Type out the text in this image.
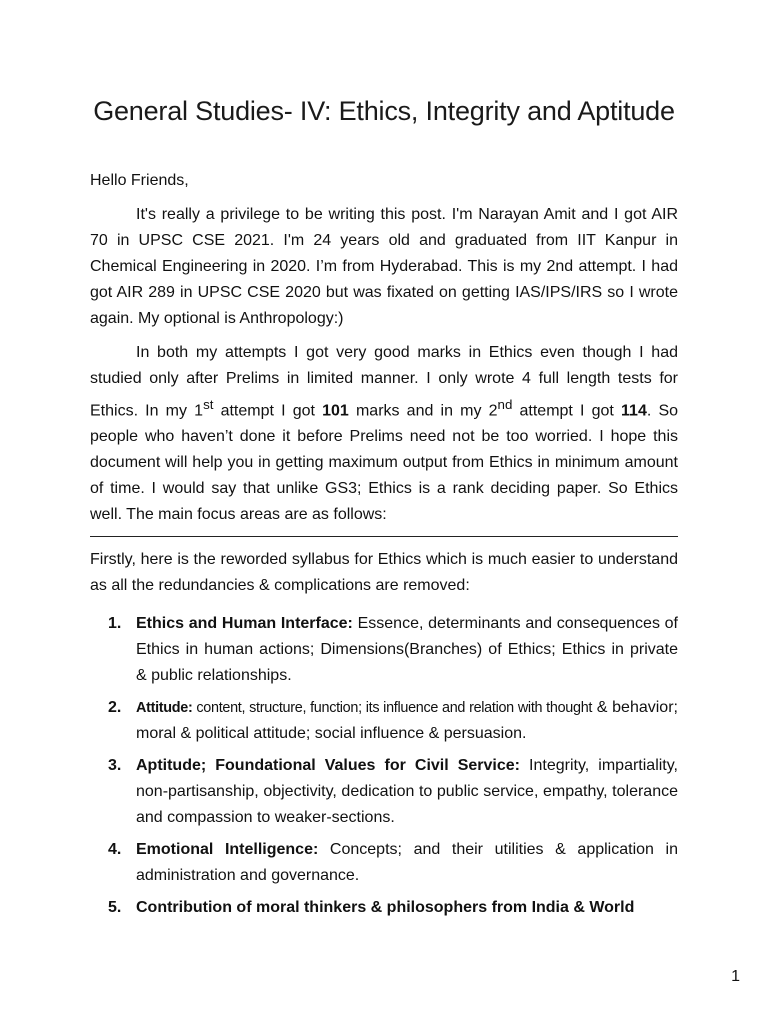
General Studies- IV: Ethics, Integrity and Aptitude

Hello Friends,

It's really a privilege to be writing this post. I'm Narayan Amit and I got AIR 70 in UPSC CSE 2021. I'm 24 years old and graduated from IIT Kanpur in Chemical Engineering in 2020. I’m from Hyderabad. This is my 2nd attempt. I had got AIR 289 in UPSC CSE 2020 but was fixated on getting IAS/IPS/IRS so I wrote again. My optional is Anthropology:)

In both my attempts I got very good marks in Ethics even though I had studied only after Prelims in limited manner. I only wrote 4 full length tests for Ethics. In my 1st attempt I got 101 marks and in my 2nd attempt I got 114. So people who haven’t done it before Prelims need not be too worried. I hope this document will help you in getting maximum output from Ethics in minimum amount of time. I would say that unlike GS3; Ethics is a rank deciding paper. So Ethics well. The main focus areas are as follows:

Firstly, here is the reworded syllabus for Ethics which is much easier to understand as all the redundancies & complications are removed:

1. Ethics and Human Interface: Essence, determinants and consequences of Ethics in human actions; Dimensions(Branches) of Ethics; Ethics in private & public relationships.
2. Attitude: content, structure, function; its influence and relation with thought & behavior; moral & political attitude; social influence & persuasion.
3. Aptitude; Foundational Values for Civil Service: Integrity, impartiality, non-partisanship, objectivity, dedication to public service, empathy, tolerance and compassion to weaker-sections.
4. Emotional Intelligence: Concepts; and their utilities & application in administration and governance.
5. Contribution of moral thinkers & philosophers from India & World
1
